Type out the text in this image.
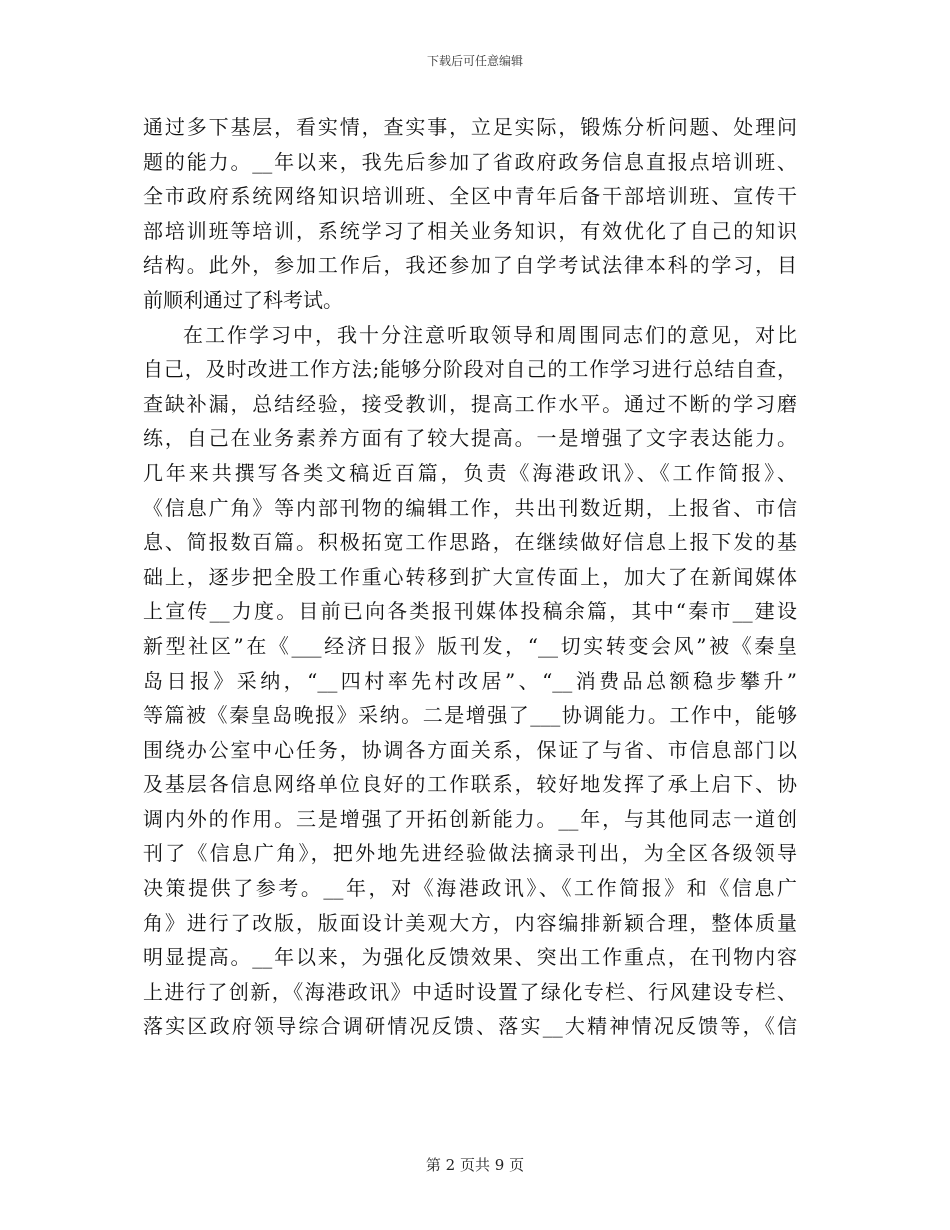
下载后可任意编辑
通过多下基层，看实情，查实事，立足实际，锻炼分析问题、处理问
题的能力。__年以来，我先后参加了省政府政务信息直报点培训班、
全市政府系统网络知识培训班、全区中青年后备干部培训班、宣传干
部培训班等培训，系统学习了相关业务知识，有效优化了自己的知识
结构。此外，参加工作后，我还参加了自学考试法律本科的学习，目
前顺利通过了科考试。
在工作学习中，我十分注意听取领导和周围同志们的意见，对比
自己，及时改进工作方法;能够分阶段对自己的工作学习进行总结自查，
查缺补漏，总结经验，接受教训，提高工作水平。通过不断的学习磨
练，自己在业务素养方面有了较大提高。一是增强了文字表达能力。
几年来共撰写各类文稿近百篇，负责《海港政讯》、《工作简报》、
《信息广角》等内部刊物的编辑工作，共出刊数近期，上报省、市信
息、简报数百篇。积极拓宽工作思路，在继续做好信息上报下发的基
础上，逐步把全股工作重心转移到扩大宣传面上，加大了在新闻媒体
上宣传__力度。目前已向各类报刊媒体投稿余篇，其中“秦市__建设
新型社区”在《___经济日报》版刊发，“__切实转变会风”被《秦皇
岛日报》采纳，“__四村率先村改居”、“__消费品总额稳步攀升”
等篇被《秦皇岛晚报》采纳。二是增强了___协调能力。工作中，能够
围绕办公室中心任务，协调各方面关系，保证了与省、市信息部门以
及基层各信息网络单位良好的工作联系，较好地发挥了承上启下、协
调内外的作用。三是增强了开拓创新能力。__年，与其他同志一道创
刊了《信息广角》，把外地先进经验做法摘录刊出，为全区各级领导
决策提供了参考。__年，对《海港政讯》、《工作简报》和《信息广
角》进行了改版，版面设计美观大方，内容编排新颖合理，整体质量
明显提高。__年以来，为强化反馈效果、突出工作重点，在刊物内容
上进行了创新，《海港政讯》中适时设置了绿化专栏、行风建设专栏、
落实区政府领导综合调研情况反馈、落实__大精神情况反馈等，《信
第 2 页共 9 页
